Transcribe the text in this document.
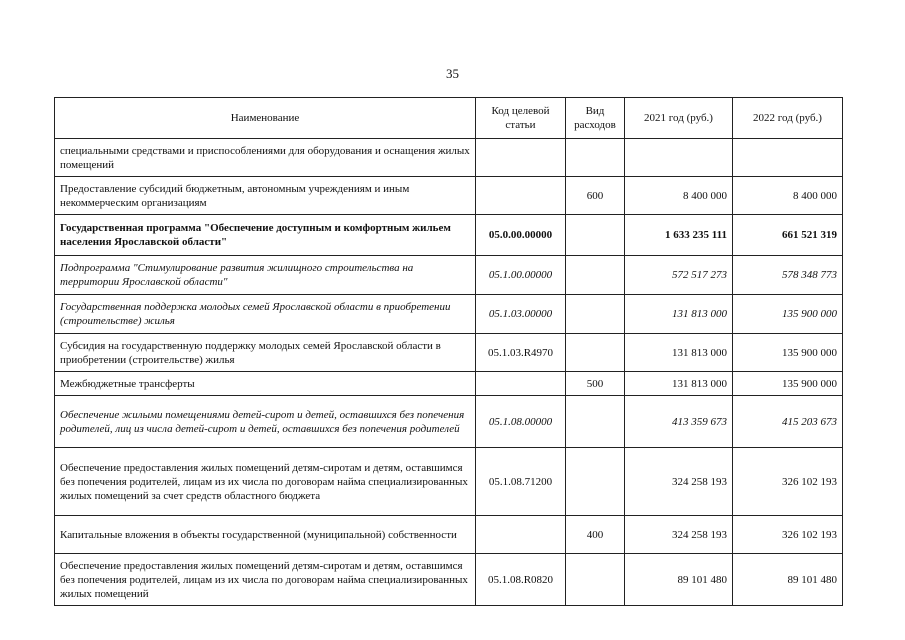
35
Наименование	Код целевой статьи	Вид расходов	2021 год (руб.)	2022 год (руб.)
специальными средствами и приспособлениями для оборудования и оснащения жилых помещений				
Предоставление субсидий бюджетным, автономным учреждениям и иным некоммерческим организациям		600	8 400 000	8 400 000
Государственная программа "Обеспечение доступным и комфортным жильем населения Ярославской области"	05.0.00.00000		1 633 235 111	661 521 319
Подпрограмма "Стимулирование развития жилищного строительства на территории Ярославской области"	05.1.00.00000		572 517 273	578 348 773
Государственная поддержка молодых семей Ярославской области в приобретении (строительстве) жилья	05.1.03.00000		131 813 000	135 900 000
Субсидия на государственную поддержку молодых семей Ярославской области в приобретении (строительстве) жилья	05.1.03.R4970		131 813 000	135 900 000
Межбюджетные трансферты		500	131 813 000	135 900 000
Обеспечение жилыми помещениями детей-сирот и детей, оставшихся без попечения родителей, лиц из числа детей-сирот и детей, оставшихся без попечения родителей	05.1.08.00000		413 359 673	415 203 673
Обеспечение предоставления жилых помещений детям-сиротам и детям, оставшимся без попечения родителей, лицам из их числа по договорам найма специализированных жилых помещений за счет средств областного бюджета	05.1.08.71200		324 258 193	326 102 193
Капитальные вложения в объекты государственной (муниципальной) собственности		400	324 258 193	326 102 193
Обеспечение предоставления жилых помещений детям-сиротам и детям, оставшимся без попечения родителей, лицам из их числа по договорам найма специализированных жилых помещений	05.1.08.R0820		89 101 480	89 101 480
